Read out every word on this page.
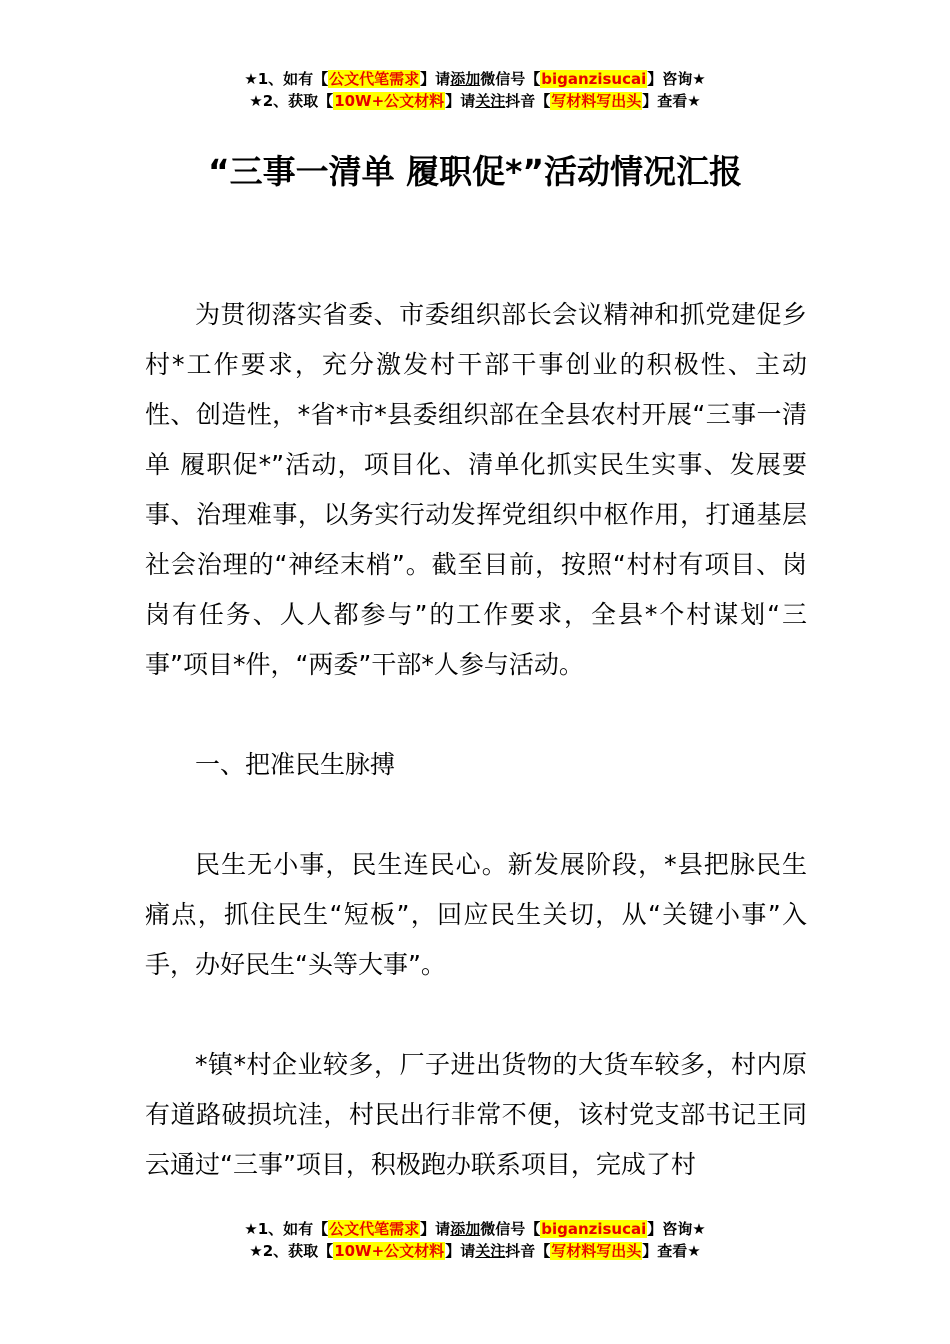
★1、如有【公文代笔需求】请添加微信号【biganzisucai】咨询★
★2、获取【10W+公文材料】请关注抖音【写材料写出头】查看★
“三事一清单 履职促*”活动情况汇报

为贯彻落实省委、市委组织部长会议精神和抓党建促乡村*工作要求，充分激发村干部干事创业的积极性、主动性、创造性，*省*市*县委组织部在全县农村开展“三事一清单 履职促*”活动，项目化、清单化抓实民生实事、发展要事、治理难事，以务实行动发挥党组织中枢作用，打通基层社会治理的“神经末梢”。截至目前，按照“村村有项目、岗岗有任务、人人都参与”的工作要求，全县*个村谋划“三事”项目*件，“两委”干部*人参与活动。

一、把准民生脉搏

民生无小事，民生连民心。新发展阶段，*县把脉民生痛点，抓住民生“短板”，回应民生关切，从“关键小事”入手，办好民生“头等大事”。

*镇*村企业较多，厂子进出货物的大货车较多，村内原有道路破损坑洼，村民出行非常不便，该村党支部书记王同云通过“三事”项目，积极跑办联系项目，完成了村

★1、如有【公文代笔需求】请添加微信号【biganzisucai】咨询★
★2、获取【10W+公文材料】请关注抖音【写材料写出头】查看★
